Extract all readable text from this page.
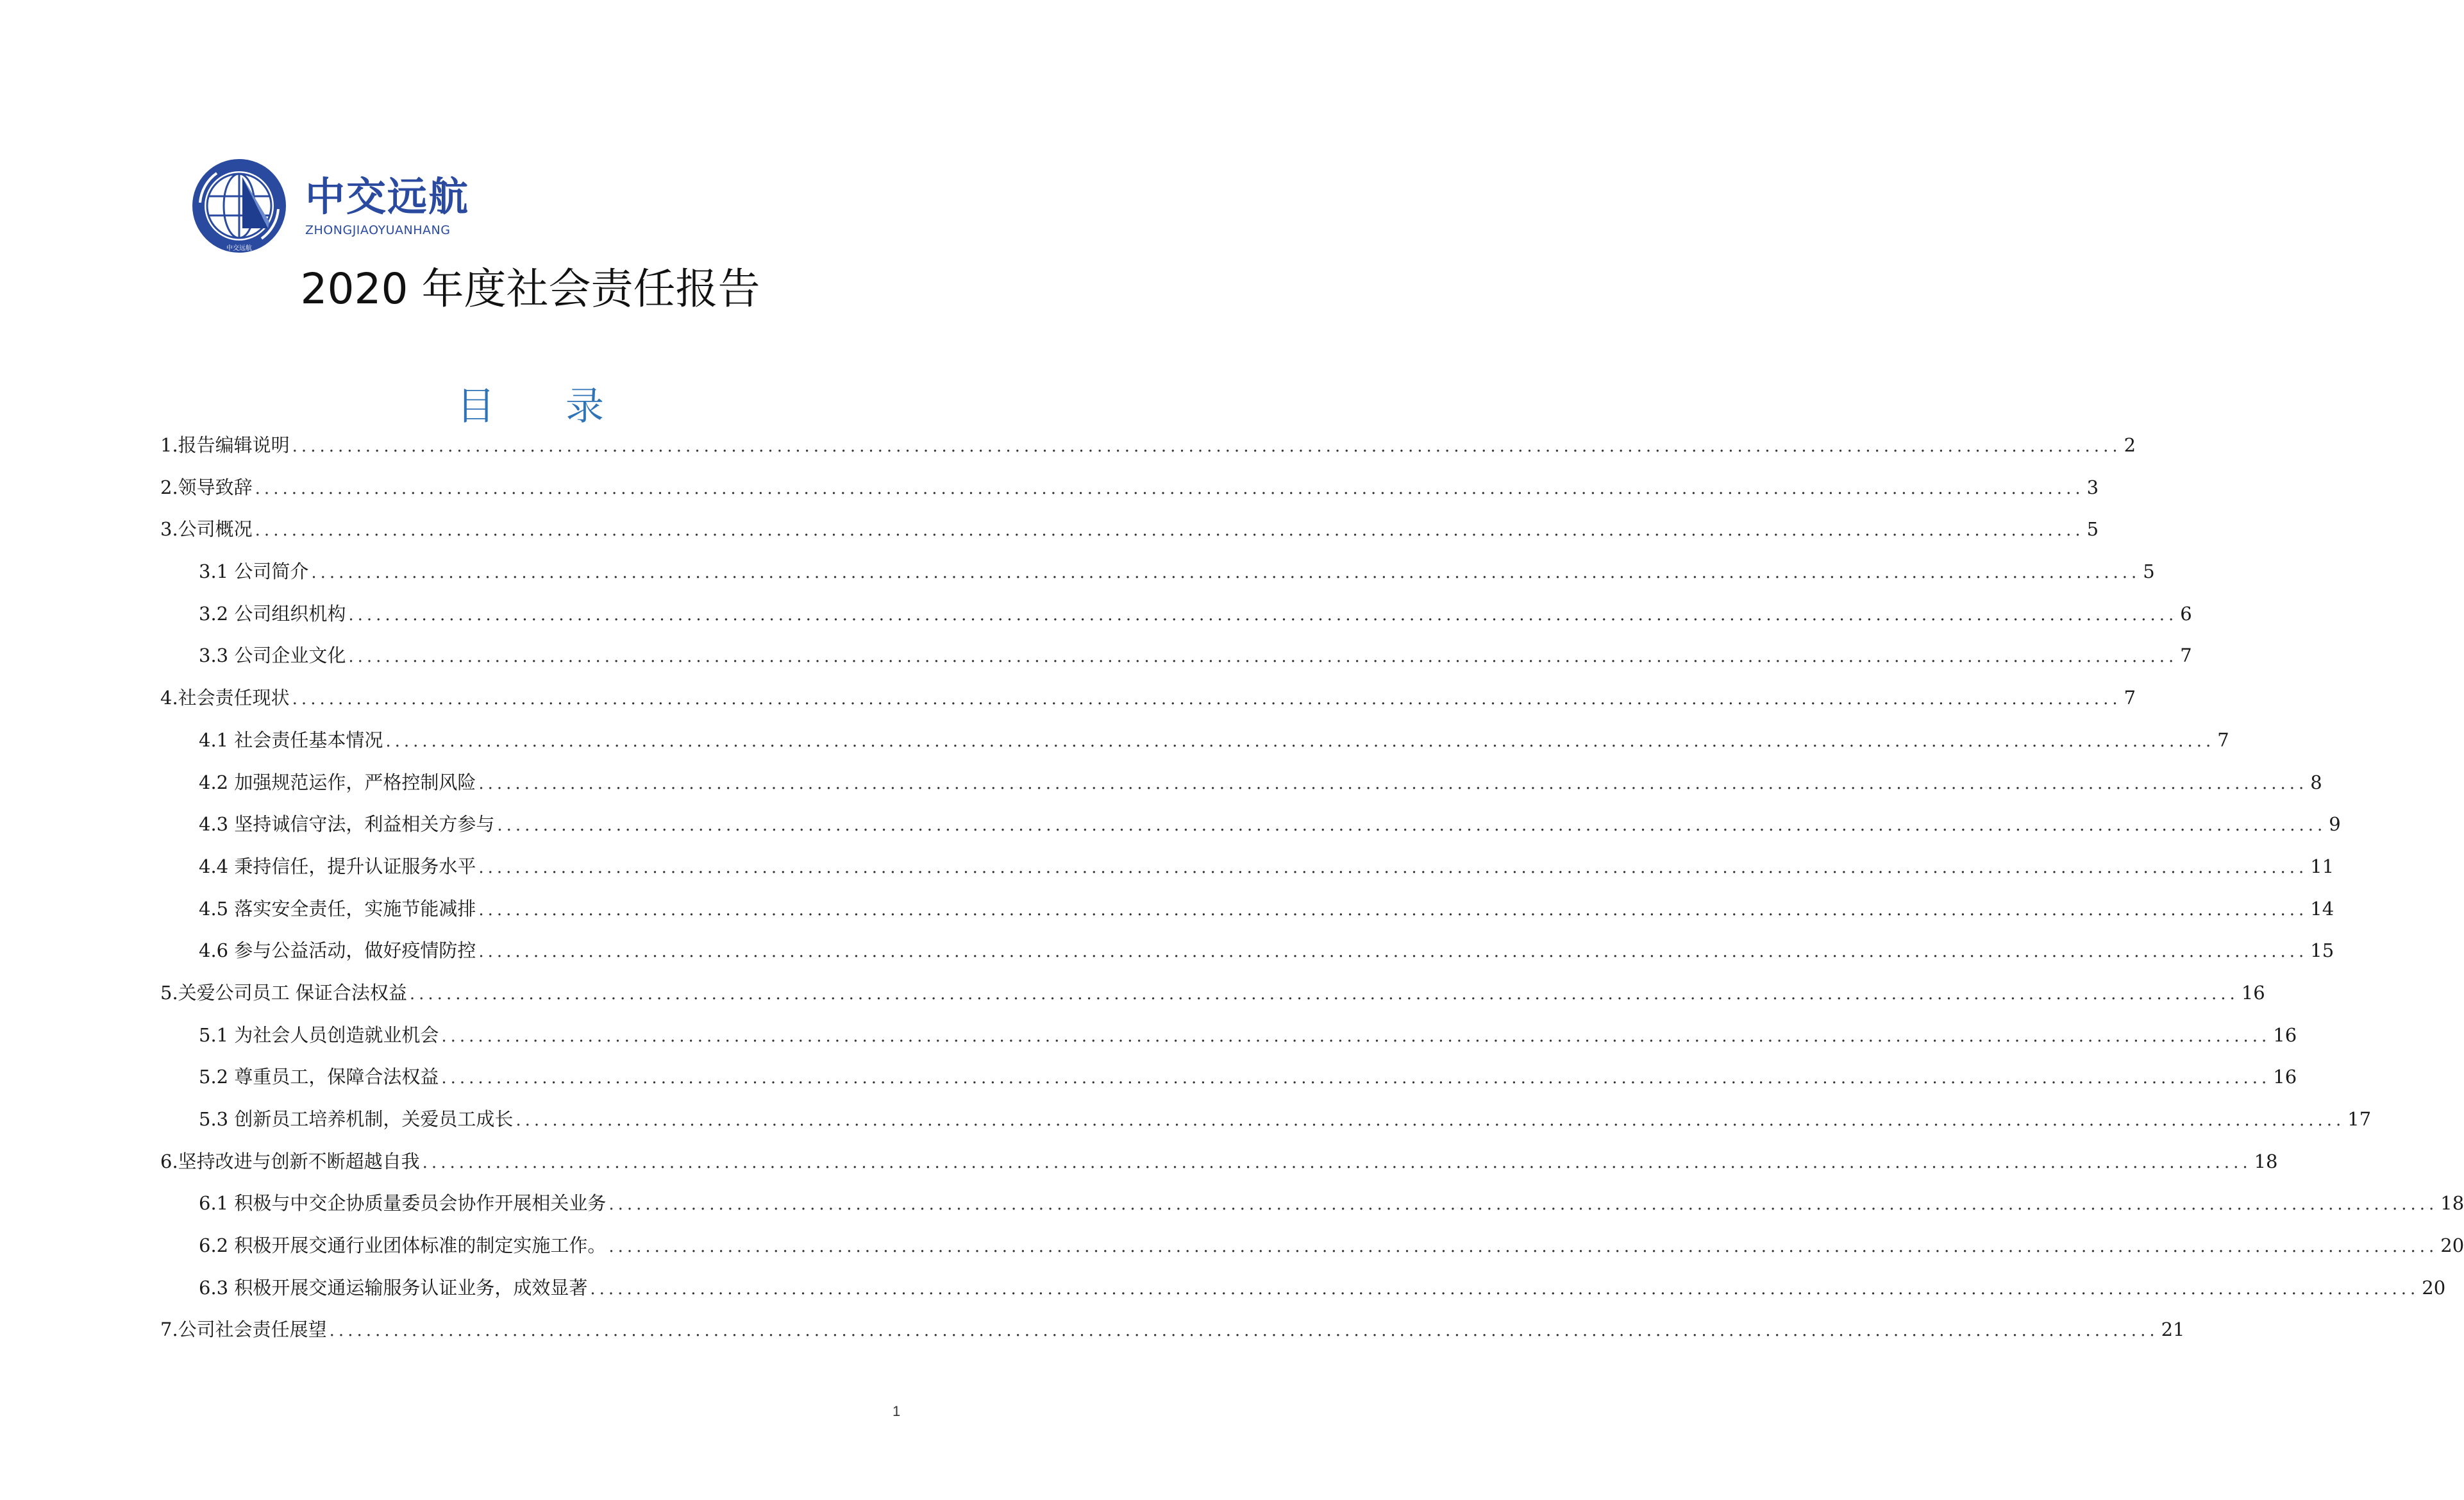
中交远航
中交远航
ZHONGJIAOYUANHANG
2020 年度社会责任报告
目录
1.报告编辑说明 ........................................................................................................................................................................................................ 2
2.领导致辞 ........................................................................................................................................................................................................ 3
3.公司概况 ........................................................................................................................................................................................................ 5
3.1 公司简介 ........................................................................................................................................................................................................ 5
3.2 公司组织机构 ........................................................................................................................................................................................................ 6
3.3 公司企业文化 ........................................................................................................................................................................................................ 7
4.社会责任现状 ........................................................................................................................................................................................................ 7
4.1 社会责任基本情况 ........................................................................................................................................................................................................ 7
4.2 加强规范运作，严格控制风险 ........................................................................................................................................................................................................ 8
4.3 坚持诚信守法，利益相关方参与 ........................................................................................................................................................................................................ 9
4.4 秉持信任，提升认证服务水平 ........................................................................................................................................................................................................ 11
4.5 落实安全责任，实施节能减排 ........................................................................................................................................................................................................ 14
4.6 参与公益活动，做好疫情防控 ........................................................................................................................................................................................................ 15
5.关爱公司员工 保证合法权益 ........................................................................................................................................................................................................ 16
5.1 为社会人员创造就业机会 ........................................................................................................................................................................................................ 16
5.2 尊重员工，保障合法权益 ........................................................................................................................................................................................................ 16
5.3 创新员工培养机制，关爱员工成长 ........................................................................................................................................................................................................ 17
6.坚持改进与创新不断超越自我 ........................................................................................................................................................................................................ 18
6.1 积极与中交企协质量委员会协作开展相关业务 ........................................................................................................................................................................................................ 18
6.2 积极开展交通行业团体标准的制定实施工作。 ........................................................................................................................................................................................................ 20
6.3 积极开展交通运输服务认证业务，成效显著 ........................................................................................................................................................................................................ 20
7.公司社会责任展望 ........................................................................................................................................................................................................ 21
1
